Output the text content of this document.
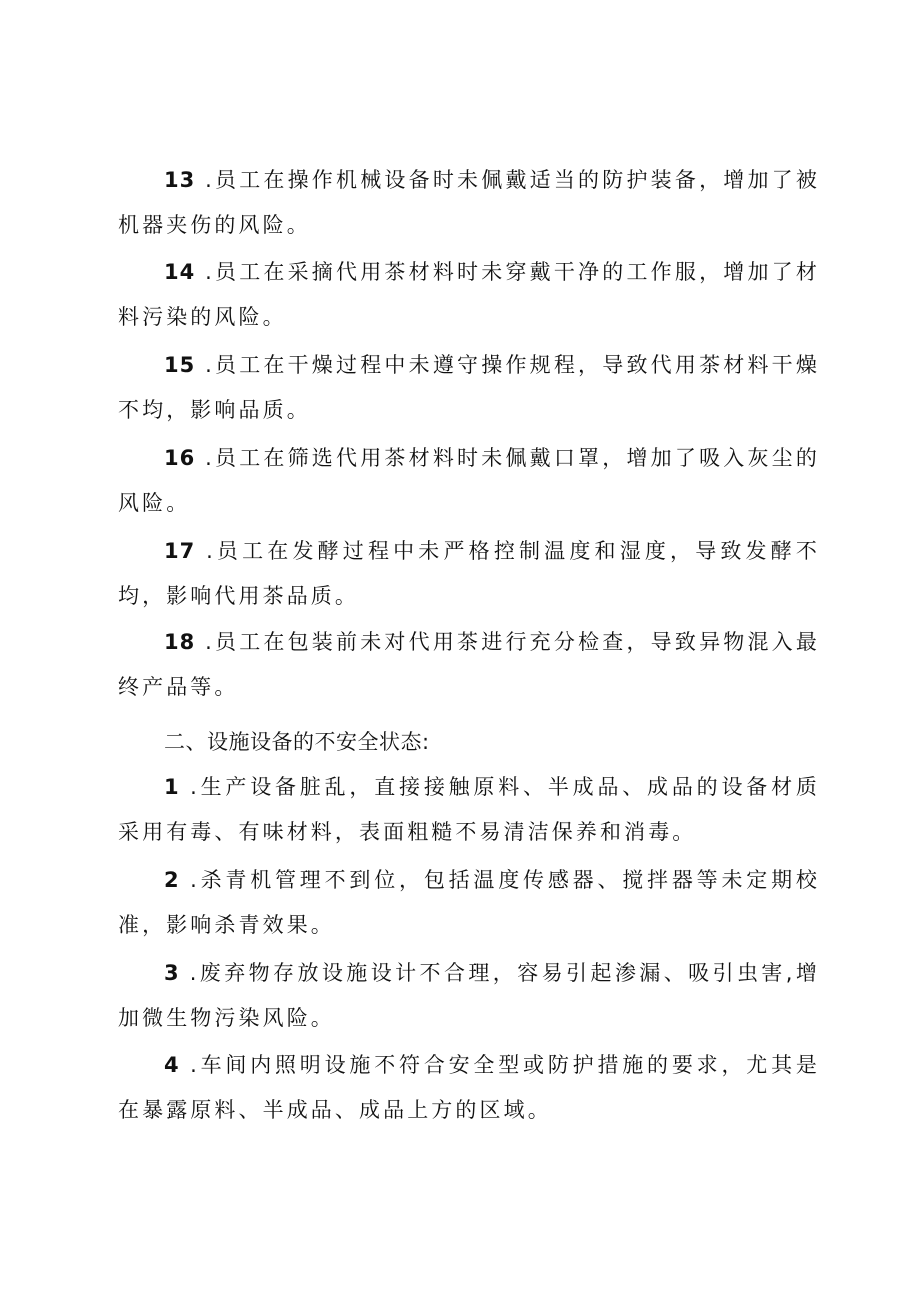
13 .员工在操作机械设备时未佩戴适当的防护装备，增加了被机器夹伤的风险。

14 .员工在采摘代用茶材料时未穿戴干净的工作服，增加了材料污染的风险。

15 .员工在干燥过程中未遵守操作规程，导致代用茶材料干燥不均，影响品质。

16 .员工在筛选代用茶材料时未佩戴口罩，增加了吸入灰尘的风险。

17 .员工在发酵过程中未严格控制温度和湿度，导致发酵不均，影响代用茶品质。

18 .员工在包装前未对代用茶进行充分检查，导致异物混入最终产品等。

二、设施设备的不安全状态:

1 .生产设备脏乱，直接接触原料、半成品、成品的设备材质采用有毒、有味材料，表面粗糙不易清洁保养和消毒。

2 .杀青机管理不到位，包括温度传感器、搅拌器等未定期校准，影响杀青效果。

3 .废弃物存放设施设计不合理，容易引起渗漏、吸引虫害,增加微生物污染风险。

4 .车间内照明设施不符合安全型或防护措施的要求，尤其是在暴露原料、半成品、成品上方的区域。
